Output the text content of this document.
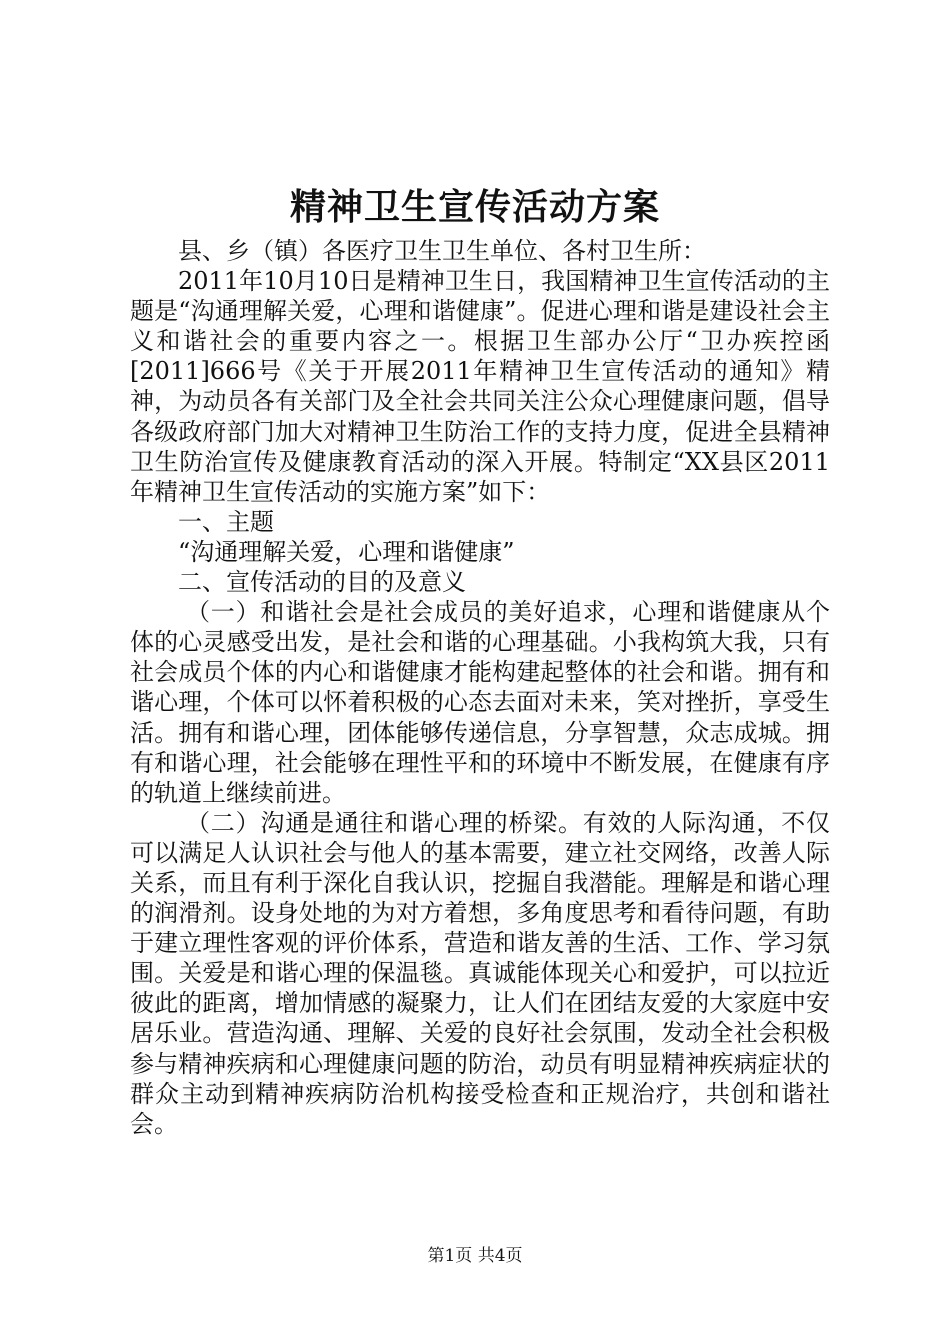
精神卫生宣传活动方案

县、乡（镇）各医疗卫生卫生单位、各村卫生所：

2011年10月10日是精神卫生日，我国精神卫生宣传活动的主题是“沟通理解关爱，心理和谐健康”。促进心理和谐是建设社会主义和谐社会的重要内容之一。根据卫生部办公厅“卫办疾控函[2011]666号《关于开展2011年精神卫生宣传活动的通知》精神，为动员各有关部门及全社会共同关注公众心理健康问题，倡导各级政府部门加大对精神卫生防治工作的支持力度，促进全县精神卫生防治宣传及健康教育活动的深入开展。特制定“XX县区2011年精神卫生宣传活动的实施方案”如下：

一、主题

“沟通理解关爱，心理和谐健康”

二、宣传活动的目的及意义

（一）和谐社会是社会成员的美好追求，心理和谐健康从个体的心灵感受出发，是社会和谐的心理基础。小我构筑大我，只有社会成员个体的内心和谐健康才能构建起整体的社会和谐。拥有和谐心理，个体可以怀着积极的心态去面对未来，笑对挫折，享受生活。拥有和谐心理，团体能够传递信息，分享智慧，众志成城。拥有和谐心理，社会能够在理性平和的环境中不断发展，在健康有序的轨道上继续前进。

（二）沟通是通往和谐心理的桥梁。有效的人际沟通，不仅可以满足人认识社会与他人的基本需要，建立社交网络，改善人际关系，而且有利于深化自我认识，挖掘自我潜能。理解是和谐心理的润滑剂。设身处地的为对方着想，多角度思考和看待问题，有助于建立理性客观的评价体系，营造和谐友善的生活、工作、学习氛围。关爱是和谐心理的保温毯。真诚能体现关心和爱护，可以拉近彼此的距离，增加情感的凝聚力，让人们在团结友爱的大家庭中安居乐业。营造沟通、理解、关爱的良好社会氛围，发动全社会积极参与精神疾病和心理健康问题的防治，动员有明显精神疾病症状的群众主动到精神疾病防治机构接受检查和正规治疗，共创和谐社会。

第1页 共4页
